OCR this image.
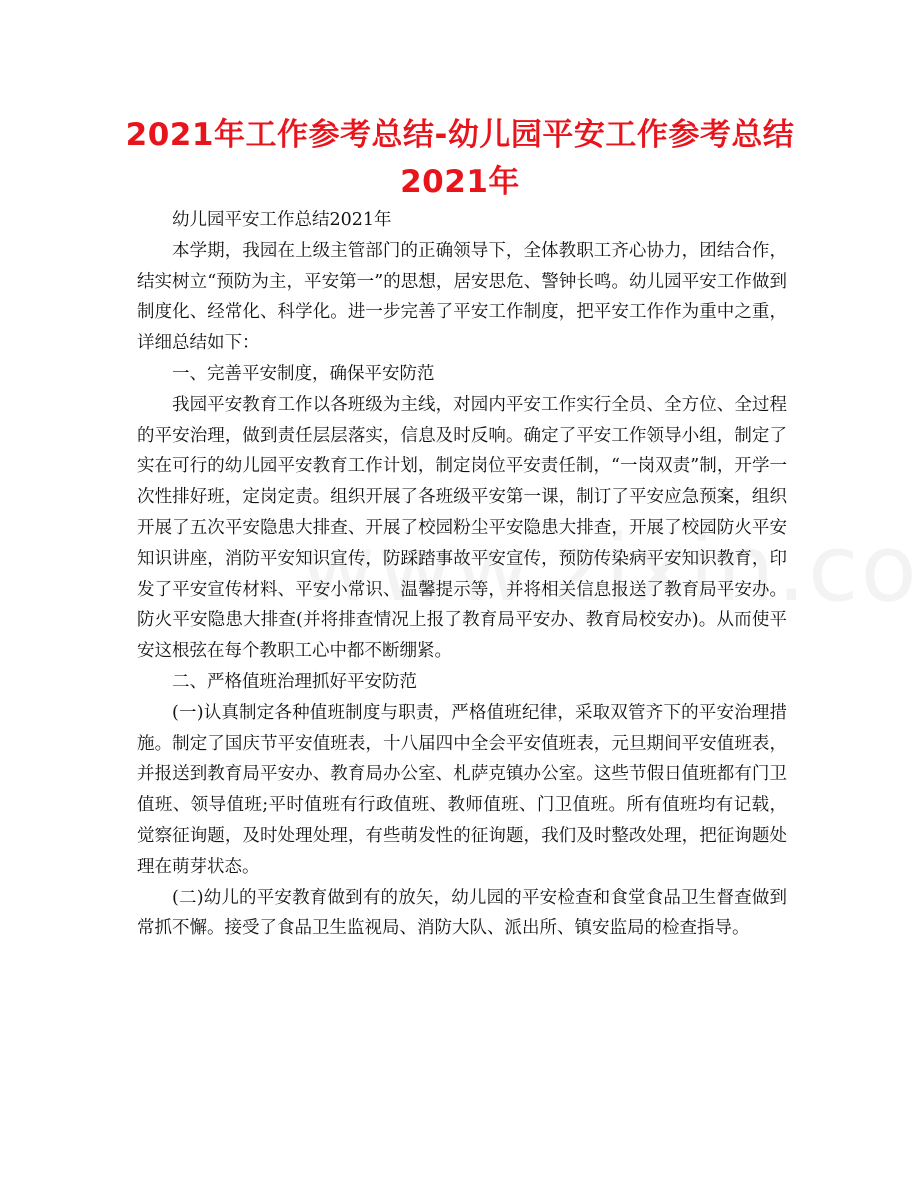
2021年工作参考总结-幼儿园平安工作参考总结2021年

幼儿园平安工作总结2021年

本学期，我园在上级主管部门的正确领导下，全体教职工齐心协力，团结合作，结实树立“预防为主，平安第一”的思想，居安思危、警钟长鸣。幼儿园平安工作做到制度化、经常化、科学化。进一步完善了平安工作制度，把平安工作作为重中之重，详细总结如下：

一、完善平安制度，确保平安防范

我园平安教育工作以各班级为主线，对园内平安工作实行全员、全方位、全过程的平安治理，做到责任层层落实，信息及时反响。确定了平安工作领导小组，制定了实在可行的幼儿园平安教育工作计划，制定岗位平安责任制，“一岗双责”制，开学一次性排好班，定岗定责。组织开展了各班级平安第一课，制订了平安应急预案，组织开展了五次平安隐患大排查、开展了校园粉尘平安隐患大排查，开展了校园防火平安知识讲座，消防平安知识宣传，防踩踏事故平安宣传，预防传染病平安知识教育，印发了平安宣传材料、平安小常识、温馨提示等，并将相关信息报送了教育局平安办。防火平安隐患大排查(并将排查情况上报了教育局平安办、教育局校安办)。从而使平安这根弦在每个教职工心中都不断绷紧。

二、严格值班治理抓好平安防范

(一)认真制定各种值班制度与职责，严格值班纪律，采取双管齐下的平安治理措施。制定了国庆节平安值班表，十八届四中全会平安值班表，元旦期间平安值班表，并报送到教育局平安办、教育局办公室、札萨克镇办公室。这些节假日值班都有门卫值班、领导值班;平时值班有行政值班、教师值班、门卫值班。所有值班均有记载，觉察征询题，及时处理处理，有些萌发性的征询题，我们及时整改处理，把征询题处理在萌芽状态。

(二)幼儿的平安教育做到有的放矢，幼儿园的平安检查和食堂食品卫生督查做到常抓不懈。接受了食品卫生监视局、消防大队、派出所、镇安监局的检查指导。
